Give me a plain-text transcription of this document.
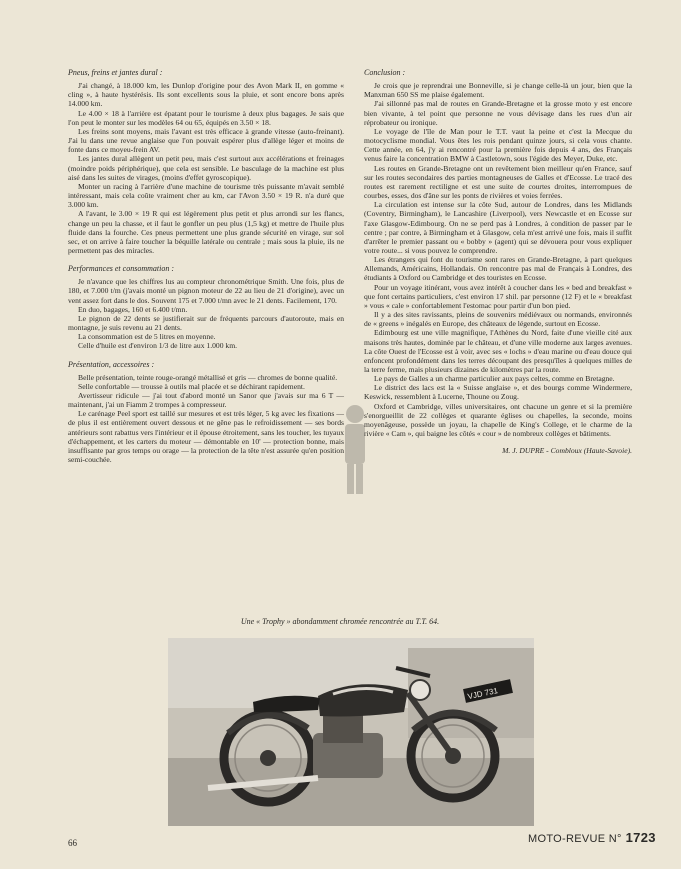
Pneus, freins et jantes dural :

J'ai changé, à 18.000 km, les Dunlop d'origine pour des Avon Mark II, en gomme « cling », à haute hystérésis. Ils sont excellents sous la pluie, et sont encore bons après 14.000 km.

Le 4.00 × 18 à l'arrière est épatant pour le tourisme à deux plus bagages. Je sais que l'on peut le monter sur les modèles 64 ou 65, équipés en 3.50 × 18.

Les freins sont moyens, mais l'avant est très efficace à grande vitesse (auto-freinant). J'ai lu dans une revue anglaise que l'on pouvait espérer plus d'allège léger et moins de fonte dans ce moyeu-frein AV.

Les jantes dural allègent un petit peu, mais c'est surtout aux accélérations et freinages (moindre poids périphérique), que cela est sensible. Le basculage de la machine est plus aisé dans les suites de virages, (moins d'effet gyroscopique).

Monter un racing à l'arrière d'une machine de tourisme très puissante m'avait semblé intéressant, mais cela coûte vraiment cher au km, car l'Avon 3.50 × 19 R. n'a duré que 3.000 km.

A l'avant, le 3.00 × 19 R qui est légèrement plus petit et plus arrondi sur les flancs, change un peu la chasse, et il faut le gonfler un peu plus (1,5 kg) et mettre de l'huile plus fluide dans la fourche. Ces pneus permettent une plus grande sécurité en virage, sur sol sec, et on arrive à faire toucher la béquille latérale ou centrale ; mais sous la pluie, ils ne permettent pas des miracles.

Performances et consommation :

Je n'avance que les chiffres lus au compteur chronométrique Smith. Une fois, plus de 180, et 7.000 t/m (j'avais monté un pignon moteur de 22 au lieu de 21 d'origine), avec un vent assez fort dans le dos. Souvent 175 et 7.000 t/mn avec le 21 dents. Facilement, 170.

En duo, bagages, 160 et 6.400 t/mn.

Le pignon de 22 dents se justifierait sur de fréquents parcours d'autoroute, mais en montagne, je suis revenu au 21 dents.

La consommation est de 5 litres en moyenne.

Celle d'huile est d'environ 1/3 de litre aux 1.000 km.

Présentation, accessoires :

Belle présentation, teinte rouge-orangé métallisé et gris — chromes de bonne qualité.

Selle confortable — trousse à outils mal placée et se déchirant rapidement.

Avertisseur ridicule — j'ai tout d'abord monté un Sanor que j'avais sur ma 6 T — maintenant, j'ai un Fiamm 2 trompes à compresseur.

Le carénage Peel sport est taillé sur mesures et est très léger, 5 kg avec les fixations — de plus il est entièrement ouvert dessous et ne gêne pas le refroidissement — ses bords antérieurs sont rabattus vers l'intérieur et il épouse étroitement, sans les toucher, les tuyaux d'échappement, et les carters du moteur — démontable en 10' — protection bonne, mais insuffisante par gros temps ou orage — la protection de la tête n'est assurée qu'en position semi-couchée.

Conclusion :

Je crois que je reprendrai une Bonneville, si je change celle-là un jour, bien que la Manxman 650 SS me plaise également.

J'ai sillonné pas mal de routes en Grande-Bretagne et la grosse moto y est encore bien vivante, à tel point que personne ne vous dévisage dans les rues d'un air réprobateur ou ironique.

Le voyage de l'île de Man pour le T.T. vaut la peine et c'est la Mecque du motocyclisme mondial. Vous êtes les rois pendant quinze jours, si cela vous chante. Cette année, en 64, j'y ai rencontré pour la première fois depuis 4 ans, des Français venus faire la concentration BMW à Castletown, sous l'égide des Meyer, Duke, etc.

Les routes en Grande-Bretagne ont un revêtement bien meilleur qu'en France, sauf sur les routes secondaires des parties montagneuses de Galles et d'Ecosse. Le tracé des routes est rarement rectiligne et est une suite de courtes droites, interrompues de courbes, esses, dos d'âne sur les ponts de rivières et voies ferrées.

La circulation est intense sur la côte Sud, autour de Londres, dans les Midlands (Coventry, Birmingham), le Lancashire (Liverpool), vers Newcastle et en Ecosse sur l'axe Glasgow-Edimbourg. On ne se perd pas à Londres, à condition de passer par le centre ; par contre, à Birmingham et à Glasgow, cela m'est arrivé une fois, mais il suffit d'arrêter le premier passant ou « bobby » (agent) qui se dévouera pour vous expliquer votre route... si vous pouvez le comprendre.

Les étrangers qui font du tourisme sont rares en Grande-Bretagne, à part quelques Allemands, Américains, Hollandais. On rencontre pas mal de Français à Londres, des étudiants à Oxford ou Cambridge et des touristes en Ecosse.

Pour un voyage itinérant, vous avez intérêt à coucher dans les « bed and breakfast » que font certains particuliers, c'est environ 17 shil. par personne (12 F) et le « breakfast » vous « cale » confortablement l'estomac pour partir d'un bon pied.

Il y a des sites ravissants, pleins de souvenirs médiévaux ou normands, environnés de « greens » inégalés en Europe, des châteaux de légende, surtout en Ecosse.

Edimbourg est une ville magnifique, l'Athènes du Nord, faite d'une vieille cité aux maisons très hautes, dominée par le château, et d'une ville moderne aux larges avenues. La côte Ouest de l'Ecosse est à voir, avec ses « lochs » d'eau marine ou d'eau douce qui enfoncent profondément dans les terres découpant des presqu'îles à quelques milles de la terre ferme, mais plusieurs dizaines de kilomètres par la route.

Le pays de Galles a un charme particulier aux pays celtes, comme en Bretagne.

Le district des lacs est la « Suisse anglaise », et des bourgs comme Windermere, Keswick, ressemblent à Lucerne, Thoune ou Zoug.

Oxford et Cambridge, villes universitaires, ont chacune un genre et si la première s'enorgueillit de 22 collèges et quarante églises ou chapelles, la seconde, moins moyenâgeuse, possède un joyau, la chapelle de King's College, et le charme de la rivière « Cam », qui baigne les côtés « cour » de nombreux collèges et bâtiments.

M. J. DUPRE - Combloux (Haute-Savoie).
Une « Trophy » abondamment chromée rencontrée au T.T. 64.
VJD 731
66	MOTO-REVUE N° 1723
